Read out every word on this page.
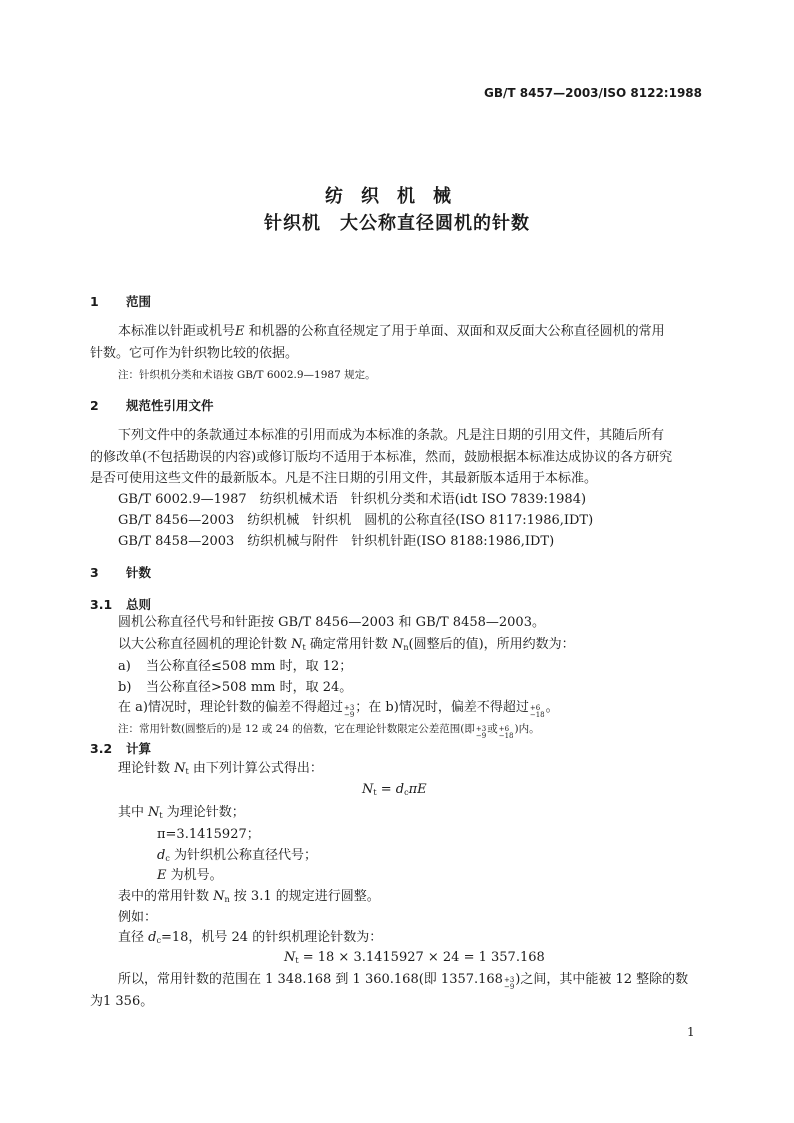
GB/T 8457—2003/ISO 8122:1988
纺织机械
针织机　大公称直径圆机的针数
1 范围
本标准以针距或机号E 和机器的公称直径规定了用于单面、双面和双反面大公称直径圆机的常用
针数。它可作为针织物比较的依据。
注：针织机分类和术语按 GB/T 6002.9—1987 规定。
2 规范性引用文件
下列文件中的条款通过本标准的引用而成为本标准的条款。凡是注日期的引用文件，其随后所有
的修改单(不包括勘误的内容)或修订版均不适用于本标准，然而，鼓励根据本标准达成协议的各方研究
是否可使用这些文件的最新版本。凡是不注日期的引用文件，其最新版本适用于本标准。
GB/T 6002.9—1987　纺织机械术语　针织机分类和术语(idt ISO 7839:1984)
GB/T 8456—2003　纺织机械　针织机　圆机的公称直径(ISO 8117:1986,IDT)
GB/T 8458—2003　纺织机械与附件　针织机针距(ISO 8188:1986,IDT)
3 针数
3.1 总则
圆机公称直径代号和针距按 GB/T 8456—2003 和 GB/T 8458—2003。
以大公称直径圆机的理论针数 $N_t$ 确定常用针数 $N_n$(圆整后的值)，所用约数为：
a) 当公称直径≤508 mm 时，取 12；
b) 当公称直径>508 mm 时，取 24。
在 a)情况时，理论针数的偏差不得超过 +3
−9 ；在 b)情况时，偏差不得超过 +6
−18 。
注：常用针数(圆整后的)是 12 或 24 的倍数，它在理论针数限定公差范围(即 +3
−9
或 +6
−18
)内。
3.2 计算
理论针数 $N_t$ 由下列计算公式得出：
$N_t = d_c\pi E$
其中 $N_t$ 为理论针数；
π=3.1415927；
$d_c$ 为针织机公称直径代号；
E 为机号。
表中的常用针数 $N_n$ 按 3.1 的规定进行圆整。
例如：
直径 $d_c=18$，机号 24 的针织机理论针数为：
$N_t = 18 \times 3.1415927 \times 24 = 1$ 357.168
所以，常用针数的范围在 1 348.168 到 1 360.168(即 1357.168 +3
−9 )之间，其中能被 12 整除的数
为1 356。
1
